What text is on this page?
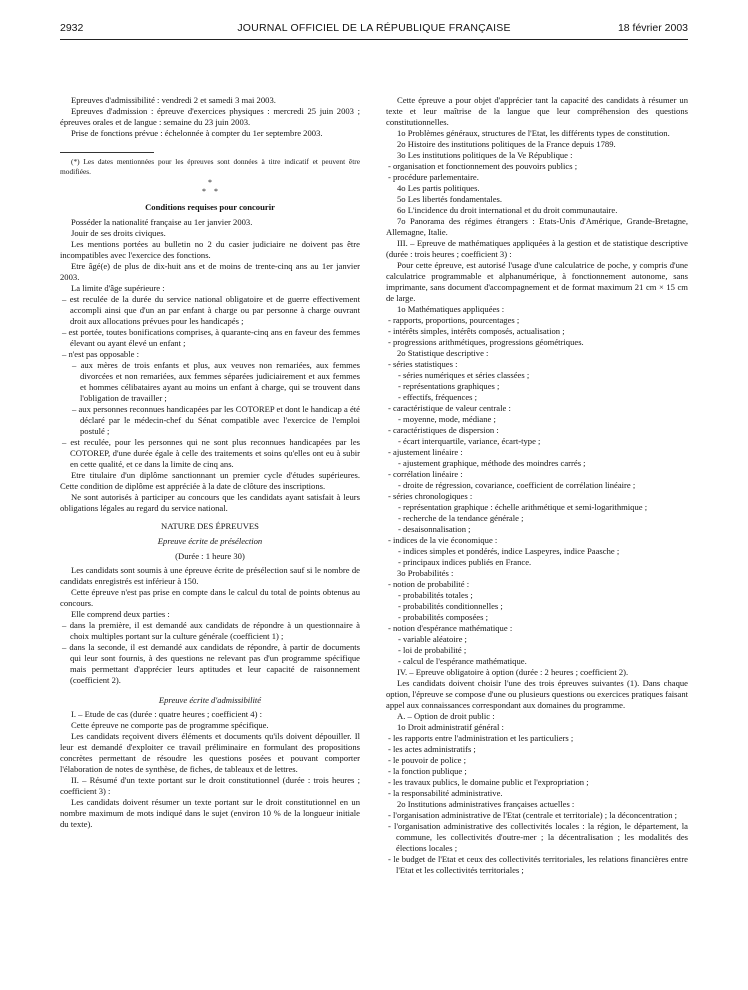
2932	JOURNAL OFFICIEL DE LA RÉPUBLIQUE FRANÇAISE	18 février 2003

Epreuves d'admissibilité : vendredi 2 et samedi 3 mai 2003.

Epreuves d'admission : épreuve d'exercices physiques : mercredi 25 juin 2003 ; épreuves orales et de langue : semaine du 23 juin 2003.

Prise de fonctions prévue : échelonnée à compter du 1er septembre 2003.

(*) Les dates mentionnées pour les épreuves sont données à titre indicatif et peuvent être modifiées.

*
*    *
Conditions requises pour concourir

Posséder la nationalité française au 1er janvier 2003.

Jouir de ses droits civiques.

Les mentions portées au bulletin no 2 du casier judiciaire ne doivent pas être incompatibles avec l'exercice des fonctions.

Etre âgé(e) de plus de dix-huit ans et de moins de trente-cinq ans au 1er janvier 2003.

La limite d'âge supérieure :

– est reculée de la durée du service national obligatoire et de guerre effectivement accompli ainsi que d'un an par enfant à charge ou par personne à charge ouvrant droit aux allocations prévues pour les handicapés ;

– est portée, toutes bonifications comprises, à quarante-cinq ans en faveur des femmes élevant ou ayant élevé un enfant ;

– n'est pas opposable :

– aux mères de trois enfants et plus, aux veuves non remariées, aux femmes divorcées et non remariées, aux femmes séparées judiciairement et aux femmes et hommes célibataires ayant au moins un enfant à charge, qui se trouvent dans l'obligation de travailler ;

– aux personnes reconnues handicapées par les COTOREP et dont le handicap a été déclaré par le médecin-chef du Sénat compatible avec l'exercice de l'emploi postulé ;

– est reculée, pour les personnes qui ne sont plus reconnues handicapées par les COTOREP, d'une durée égale à celle des traitements et soins qu'elles ont eu à subir en cette qualité, et ce dans la limite de cinq ans.

Etre titulaire d'un diplôme sanctionnant un premier cycle d'études supérieures. Cette condition de diplôme est appréciée à la date de clôture des inscriptions.

Ne sont autorisés à participer au concours que les candidats ayant satisfait à leurs obligations légales au regard du service national.

NATURE DES ÉPREUVES
Epreuve écrite de présélection
(Durée : 1 heure 30)

Les candidats sont soumis à une épreuve écrite de présélection sauf si le nombre de candidats enregistrés est inférieur à 150.

Cette épreuve n'est pas prise en compte dans le calcul du total de points obtenus au concours.

Elle comprend deux parties :

– dans la première, il est demandé aux candidats de répondre à un questionnaire à choix multiples portant sur la culture générale (coefficient 1) ;

– dans la seconde, il est demandé aux candidats de répondre, à partir de documents qui leur sont fournis, à des questions ne relevant pas d'un programme spécifique mais permettant d'apprécier leurs aptitudes et leur capacité de raisonnement (coefficient 2).

Epreuve écrite d'admissibilité

I. – Etude de cas (durée : quatre heures ; coefficient 4) :

Cette épreuve ne comporte pas de programme spécifique.

Les candidats reçoivent divers éléments et documents qu'ils doivent dépouiller. Il leur est demandé d'exploiter ce travail préliminaire en formulant des propositions concrètes permettant de résoudre les questions posées et pouvant comporter l'élaboration de notes de synthèse, de fiches, de tableaux et de lettres.

II. – Résumé d'un texte portant sur le droit constitutionnel (durée : trois heures ; coefficient 3) :

Les candidats doivent résumer un texte portant sur le droit constitutionnel en un nombre maximum de mots indiqué dans le sujet (environ 10 % de la longueur initiale du texte).

Cette épreuve a pour objet d'apprécier tant la capacité des candidats à résumer un texte et leur maîtrise de la langue que leur compréhension des questions constitutionnelles.

1o Problèmes généraux, structures de l'Etat, les différents types de constitution.

2o Histoire des institutions politiques de la France depuis 1789.

3o Les institutions politiques de la Ve République :

- organisation et fonctionnement des pouvoirs publics ;

- procédure parlementaire.

4o Les partis politiques.

5o Les libertés fondamentales.

6o L'incidence du droit international et du droit communautaire.

7o Panorama des régimes étrangers : Etats-Unis d'Amérique, Grande-Bretagne, Allemagne, Italie.

III. – Epreuve de mathématiques appliquées à la gestion et de statistique descriptive (durée : trois heures ; coefficient 3) :

Pour cette épreuve, est autorisé l'usage d'une calculatrice de poche, y compris d'une calculatrice programmable et alphanumérique, à fonctionnement autonome, sans imprimante, sans document d'accompagnement et de format maximum 21 cm × 15 cm de large.

1o Mathématiques appliquées :

- rapports, proportions, pourcentages ;

- intérêts simples, intérêts composés, actualisation ;

- progressions arithmétiques, progressions géométriques.

2o Statistique descriptive :

- séries statistiques :

- séries numériques et séries classées ;

- représentations graphiques ;

- effectifs, fréquences ;

- caractéristique de valeur centrale :

- moyenne, mode, médiane ;

- caractéristiques de dispersion :

- écart interquartile, variance, écart-type ;

- ajustement linéaire :

- ajustement graphique, méthode des moindres carrés ;

- corrélation linéaire :

- droite de régression, covariance, coefficient de corrélation linéaire ;

- séries chronologiques :

- représentation graphique : échelle arithmétique et semi-logarithmique ;

- recherche de la tendance générale ;

- desaisonnalisation ;

- indices de la vie économique :

- indices simples et pondérés, indice Laspeyres, indice Paasche ;

- principaux indices publiés en France.

3o Probabilités :

- notion de probabilité :

- probabilités totales ;

- probabilités conditionnelles ;

- probabilités composées ;

- notion d'espérance mathématique :

- variable aléatoire ;

- loi de probabilité ;

- calcul de l'espérance mathématique.

IV. – Epreuve obligatoire à option (durée : 2 heures ; coefficient 2).

Les candidats doivent choisir l'une des trois épreuves suivantes (1). Dans chaque option, l'épreuve se compose d'une ou plusieurs questions ou exercices pratiques faisant appel aux connaissances correspondant aux domaines du programme.

A. – Option de droit public :

1o Droit administratif général :

- les rapports entre l'administration et les particuliers ;

- les actes administratifs ;

- le pouvoir de police ;

- la fonction publique ;

- les travaux publics, le domaine public et l'expropriation ;

- la responsabilité administrative.

2o Institutions administratives françaises actuelles :

- l'organisation administrative de l'Etat (centrale et territoriale) ; la déconcentration ;

- l'organisation administrative des collectivités locales : la région, le département, la commune, les collectivités d'outre-mer ; la décentralisation ; les modalités des élections locales ;

- le budget de l'Etat et ceux des collectivités territoriales, les relations financières entre l'Etat et les collectivités territoriales ;
